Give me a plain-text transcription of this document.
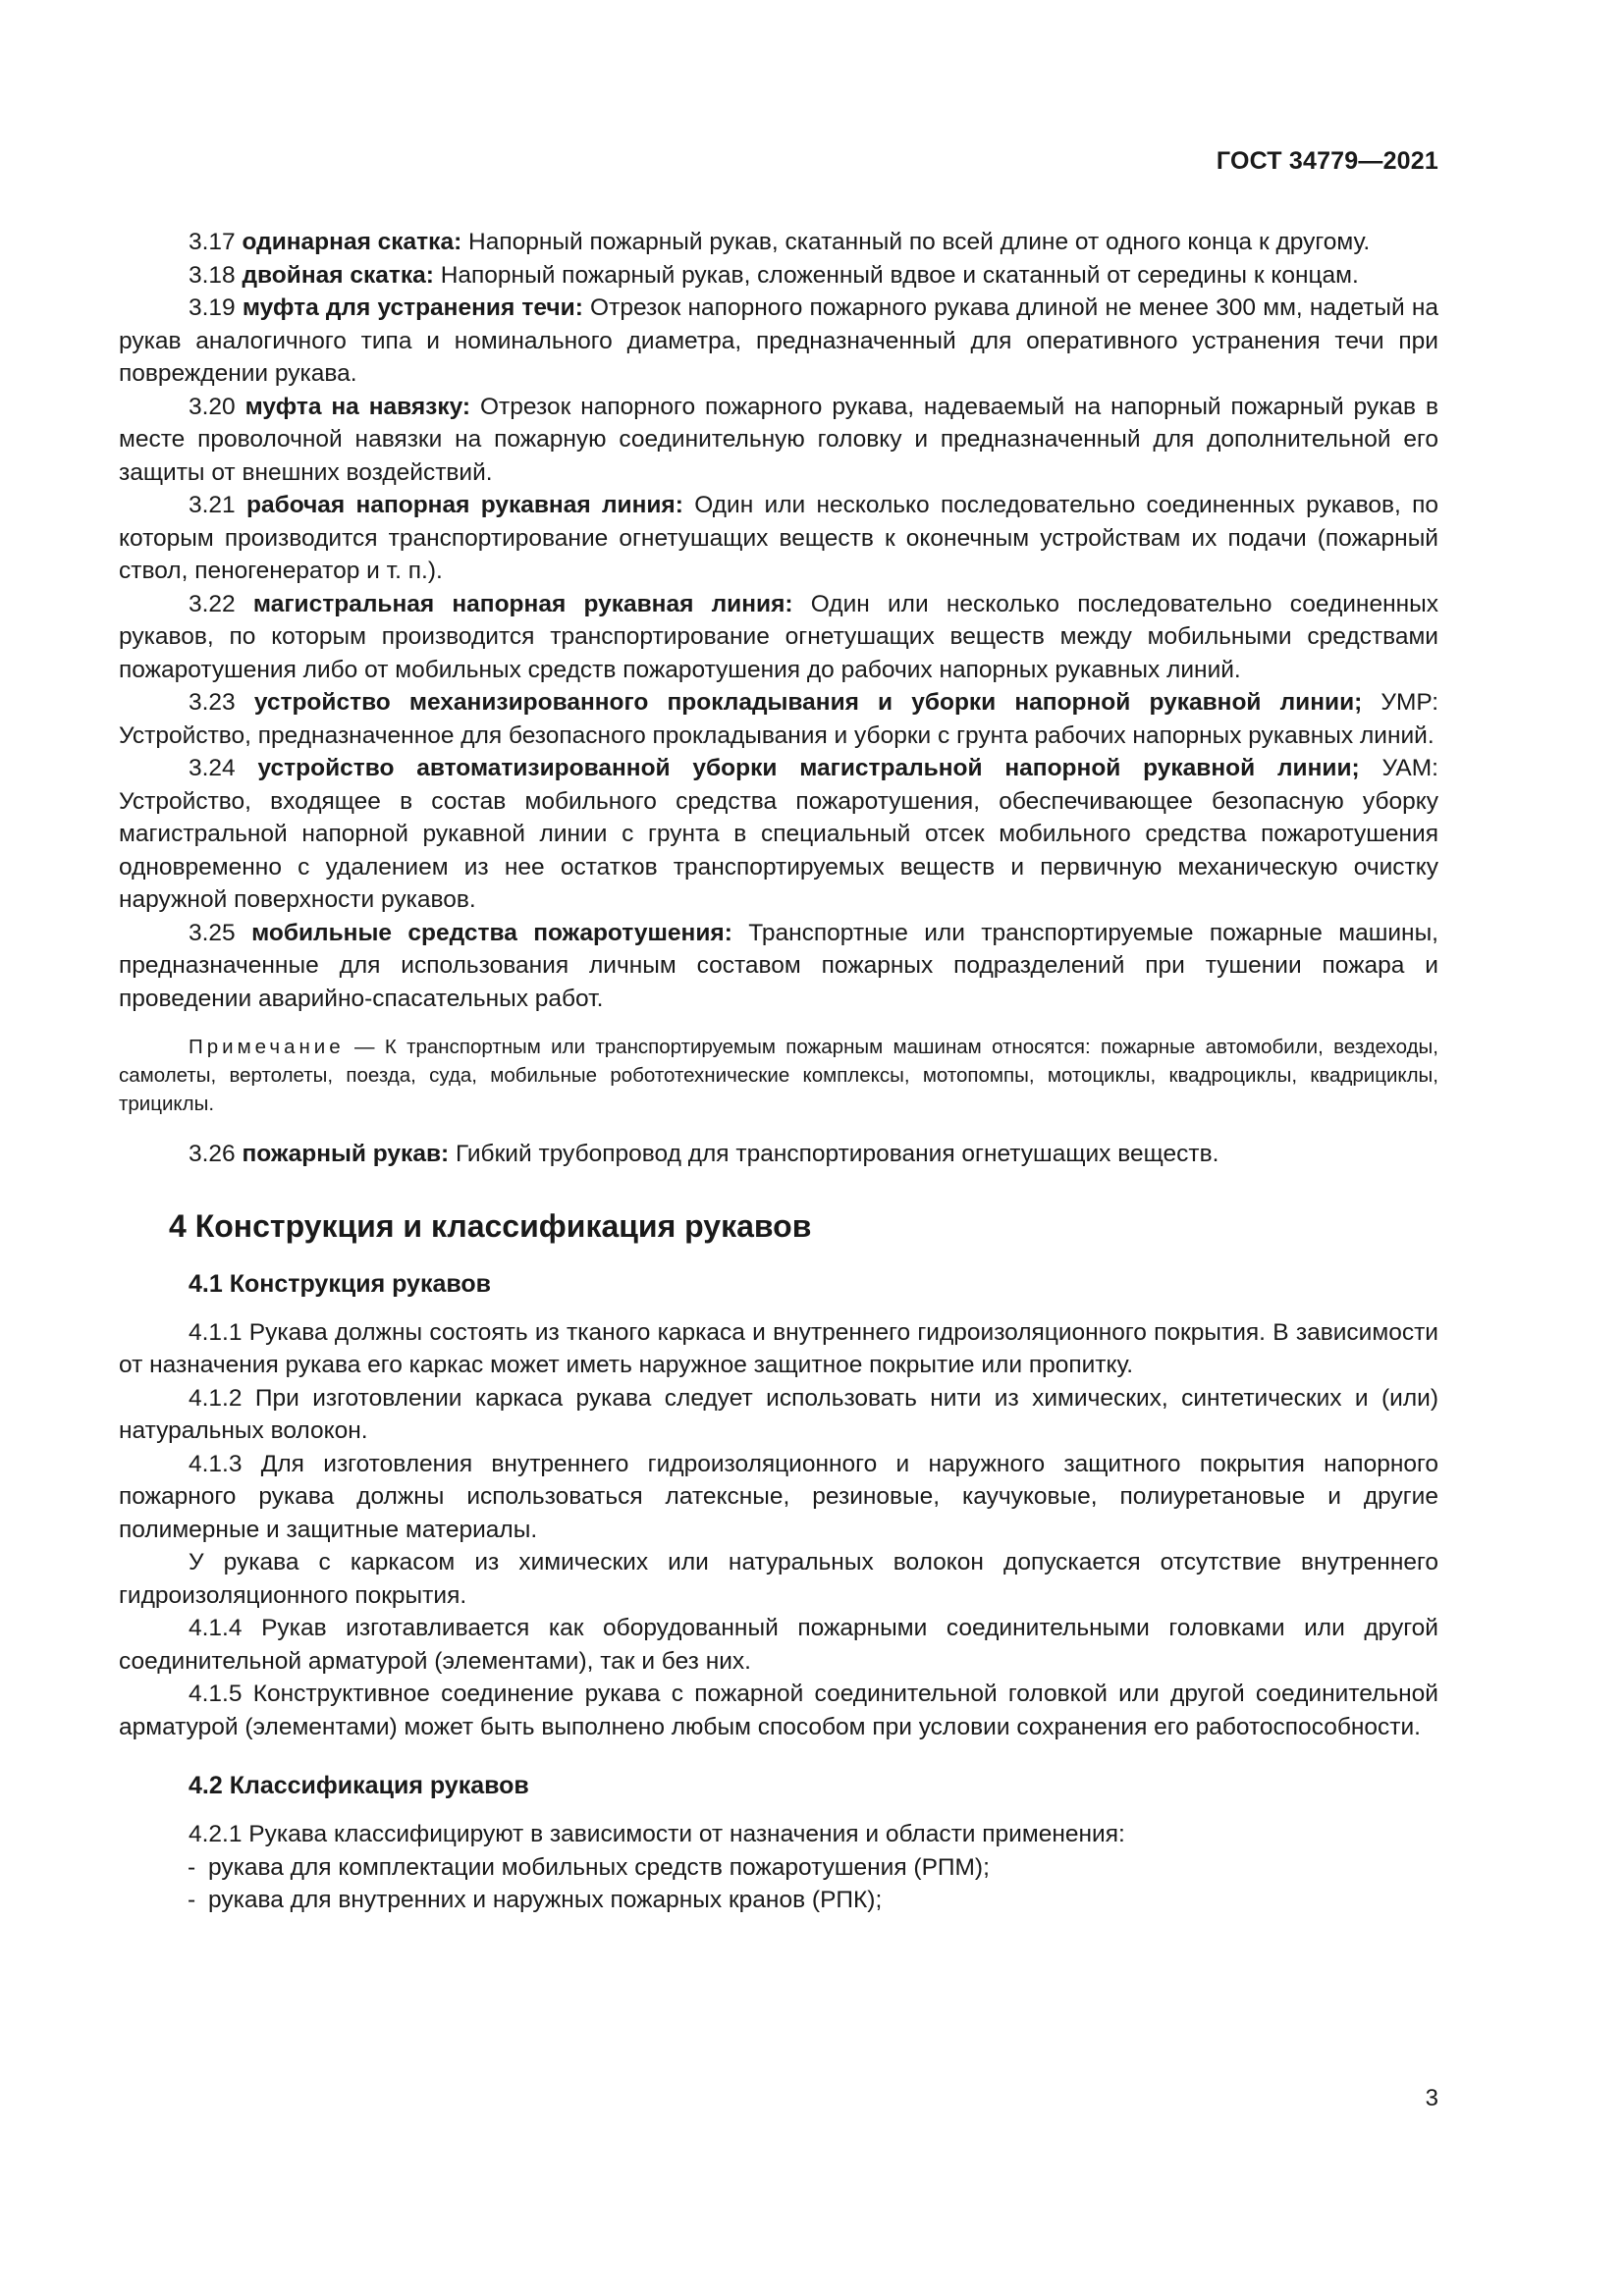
ГОСТ 34779—2021

3.17 одинарная скатка: Напорный пожарный рукав, скатанный по всей длине от одного конца к другому.

3.18 двойная скатка: Напорный пожарный рукав, сложенный вдвое и скатанный от середины к концам.

3.19 муфта для устранения течи: Отрезок напорного пожарного рукава длиной не менее 300 мм, надетый на рукав аналогичного типа и номинального диаметра, предназначенный для оперативного устранения течи при повреждении рукава.

3.20 муфта на навязку: Отрезок напорного пожарного рукава, надеваемый на напорный пожарный рукав в месте проволочной навязки на пожарную соединительную головку и предназначенный для дополнительной его защиты от внешних воздействий.

3.21 рабочая напорная рукавная линия: Один или несколько последовательно соединенных рукавов, по которым производится транспортирование огнетушащих веществ к оконечным устройствам их подачи (пожарный ствол, пеногенератор и т. п.).

3.22 магистральная напорная рукавная линия: Один или несколько последовательно соединенных рукавов, по которым производится транспортирование огнетушащих веществ между мобильными средствами пожаротушения либо от мобильных средств пожаротушения до рабочих напорных рукавных линий.

3.23 устройство механизированного прокладывания и уборки напорной рукавной линии; УМР: Устройство, предназначенное для безопасного прокладывания и уборки с грунта рабочих напорных рукавных линий.

3.24 устройство автоматизированной уборки магистральной напорной рукавной линии; УАМ: Устройство, входящее в состав мобильного средства пожаротушения, обеспечивающее безопасную уборку магистральной напорной рукавной линии с грунта в специальный отсек мобильного средства пожаротушения одновременно с удалением из нее остатков транспортируемых веществ и первичную механическую очистку наружной поверхности рукавов.

3.25 мобильные средства пожаротушения: Транспортные или транспортируемые пожарные машины, предназначенные для использования личным составом пожарных подразделений при тушении пожара и проведении аварийно-спасательных работ.

Примечание — К транспортным или транспортируемым пожарным машинам относятся: пожарные автомобили, вездеходы, самолеты, вертолеты, поезда, суда, мобильные робототехнические комплексы, мотопомпы, мотоциклы, квадроциклы, квадрициклы, трициклы.

3.26 пожарный рукав: Гибкий трубопровод для транспортирования огнетушащих веществ.

4 Конструкция и классификация рукавов
4.1 Конструкция рукавов

4.1.1 Рукава должны состоять из тканого каркаса и внутреннего гидроизоляционного покрытия. В зависимости от назначения рукава его каркас может иметь наружное защитное покрытие или пропитку.

4.1.2 При изготовлении каркаса рукава следует использовать нити из химических, синтетических и (или) натуральных волокон.

4.1.3 Для изготовления внутреннего гидроизоляционного и наружного защитного покрытия напорного пожарного рукава должны использоваться латексные, резиновые, каучуковые, полиуретановые и другие полимерные и защитные материалы.

У рукава с каркасом из химических или натуральных волокон допускается отсутствие внутреннего гидроизоляционного покрытия.

4.1.4 Рукав изготавливается как оборудованный пожарными соединительными головками или другой соединительной арматурой (элементами), так и без них.

4.1.5 Конструктивное соединение рукава с пожарной соединительной головкой или другой соединительной арматурой (элементами) может быть выполнено любым способом при условии сохранения его работоспособности.

4.2 Классификация рукавов

4.2.1 Рукава классифицируют в зависимости от назначения и области применения:

- рукава для комплектации мобильных средств пожаротушения (РПМ);
- рукава для внутренних и наружных пожарных кранов (РПК);
3
